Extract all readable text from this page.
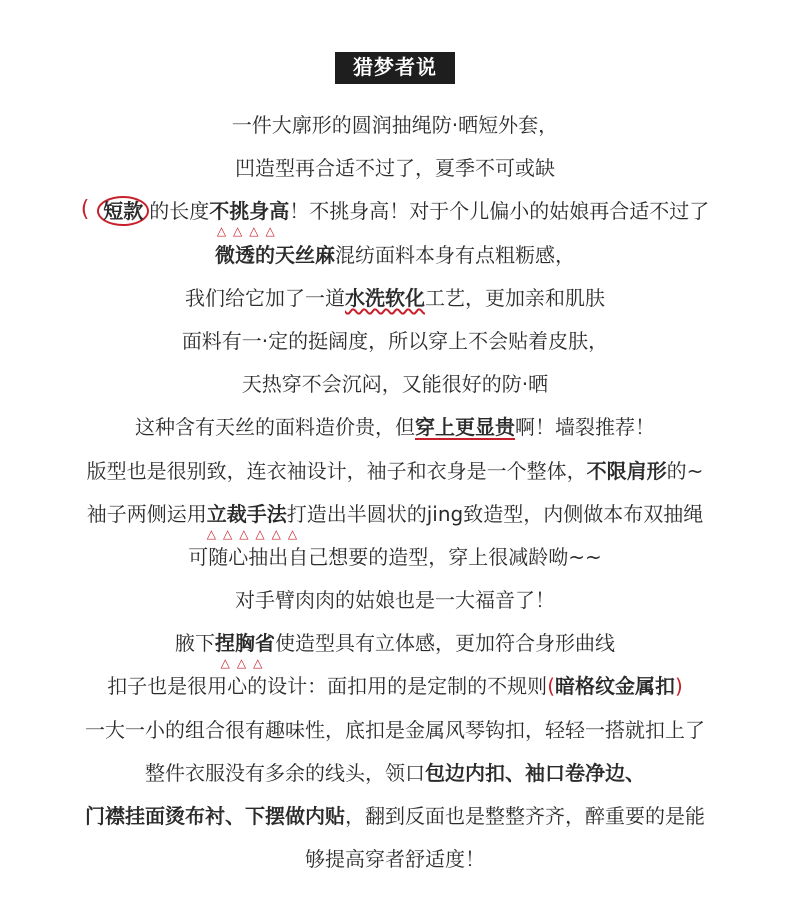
猎梦者说
一件大廓形的圆润抽绳防·晒短外套，
凹造型再合适不过了，夏季不可或缺
( 短款 的长度不挑身高 △△△△！不挑身高！对于个儿偏小的姑娘再合适不过了
微透的天丝麻混纺面料本身有点粗粝感，
我们给它加了一道水洗软化工艺，更加亲和肌肤
面料有一·定的挺阔度，所以穿上不会贴着皮肤，
天热穿不会沉闷，又能很好的防·晒
这种含有天丝的面料造价贵，但穿上更显贵啊！墙裂推荐！
版型也是很别致，连衣袖设计，袖子和衣身是一个整体，不限肩形的~
袖子两侧运用立裁手法 △△△△△△打造出半圆状的jing致造型，内侧做本布双抽绳
可随心抽出自己想要的造型，穿上很减龄呦~~
对手臂肉肉的姑娘也是一大福音了！
腋下捏胸省 △△△使造型具有立体感，更加符合身形曲线
扣子也是很用心的设计：面扣用的是定制的不规则(暗格纹金属扣)
一大一小的组合很有趣味性，底扣是金属风琴钩扣，轻轻一搭就扣上了
整件衣服没有多余的线头，领口包边内扣、袖口卷净边、
门襟挂面烫布衬、下摆做内贴，翻到反面也是整整齐齐，醉重要的是能
够提高穿者舒适度！
